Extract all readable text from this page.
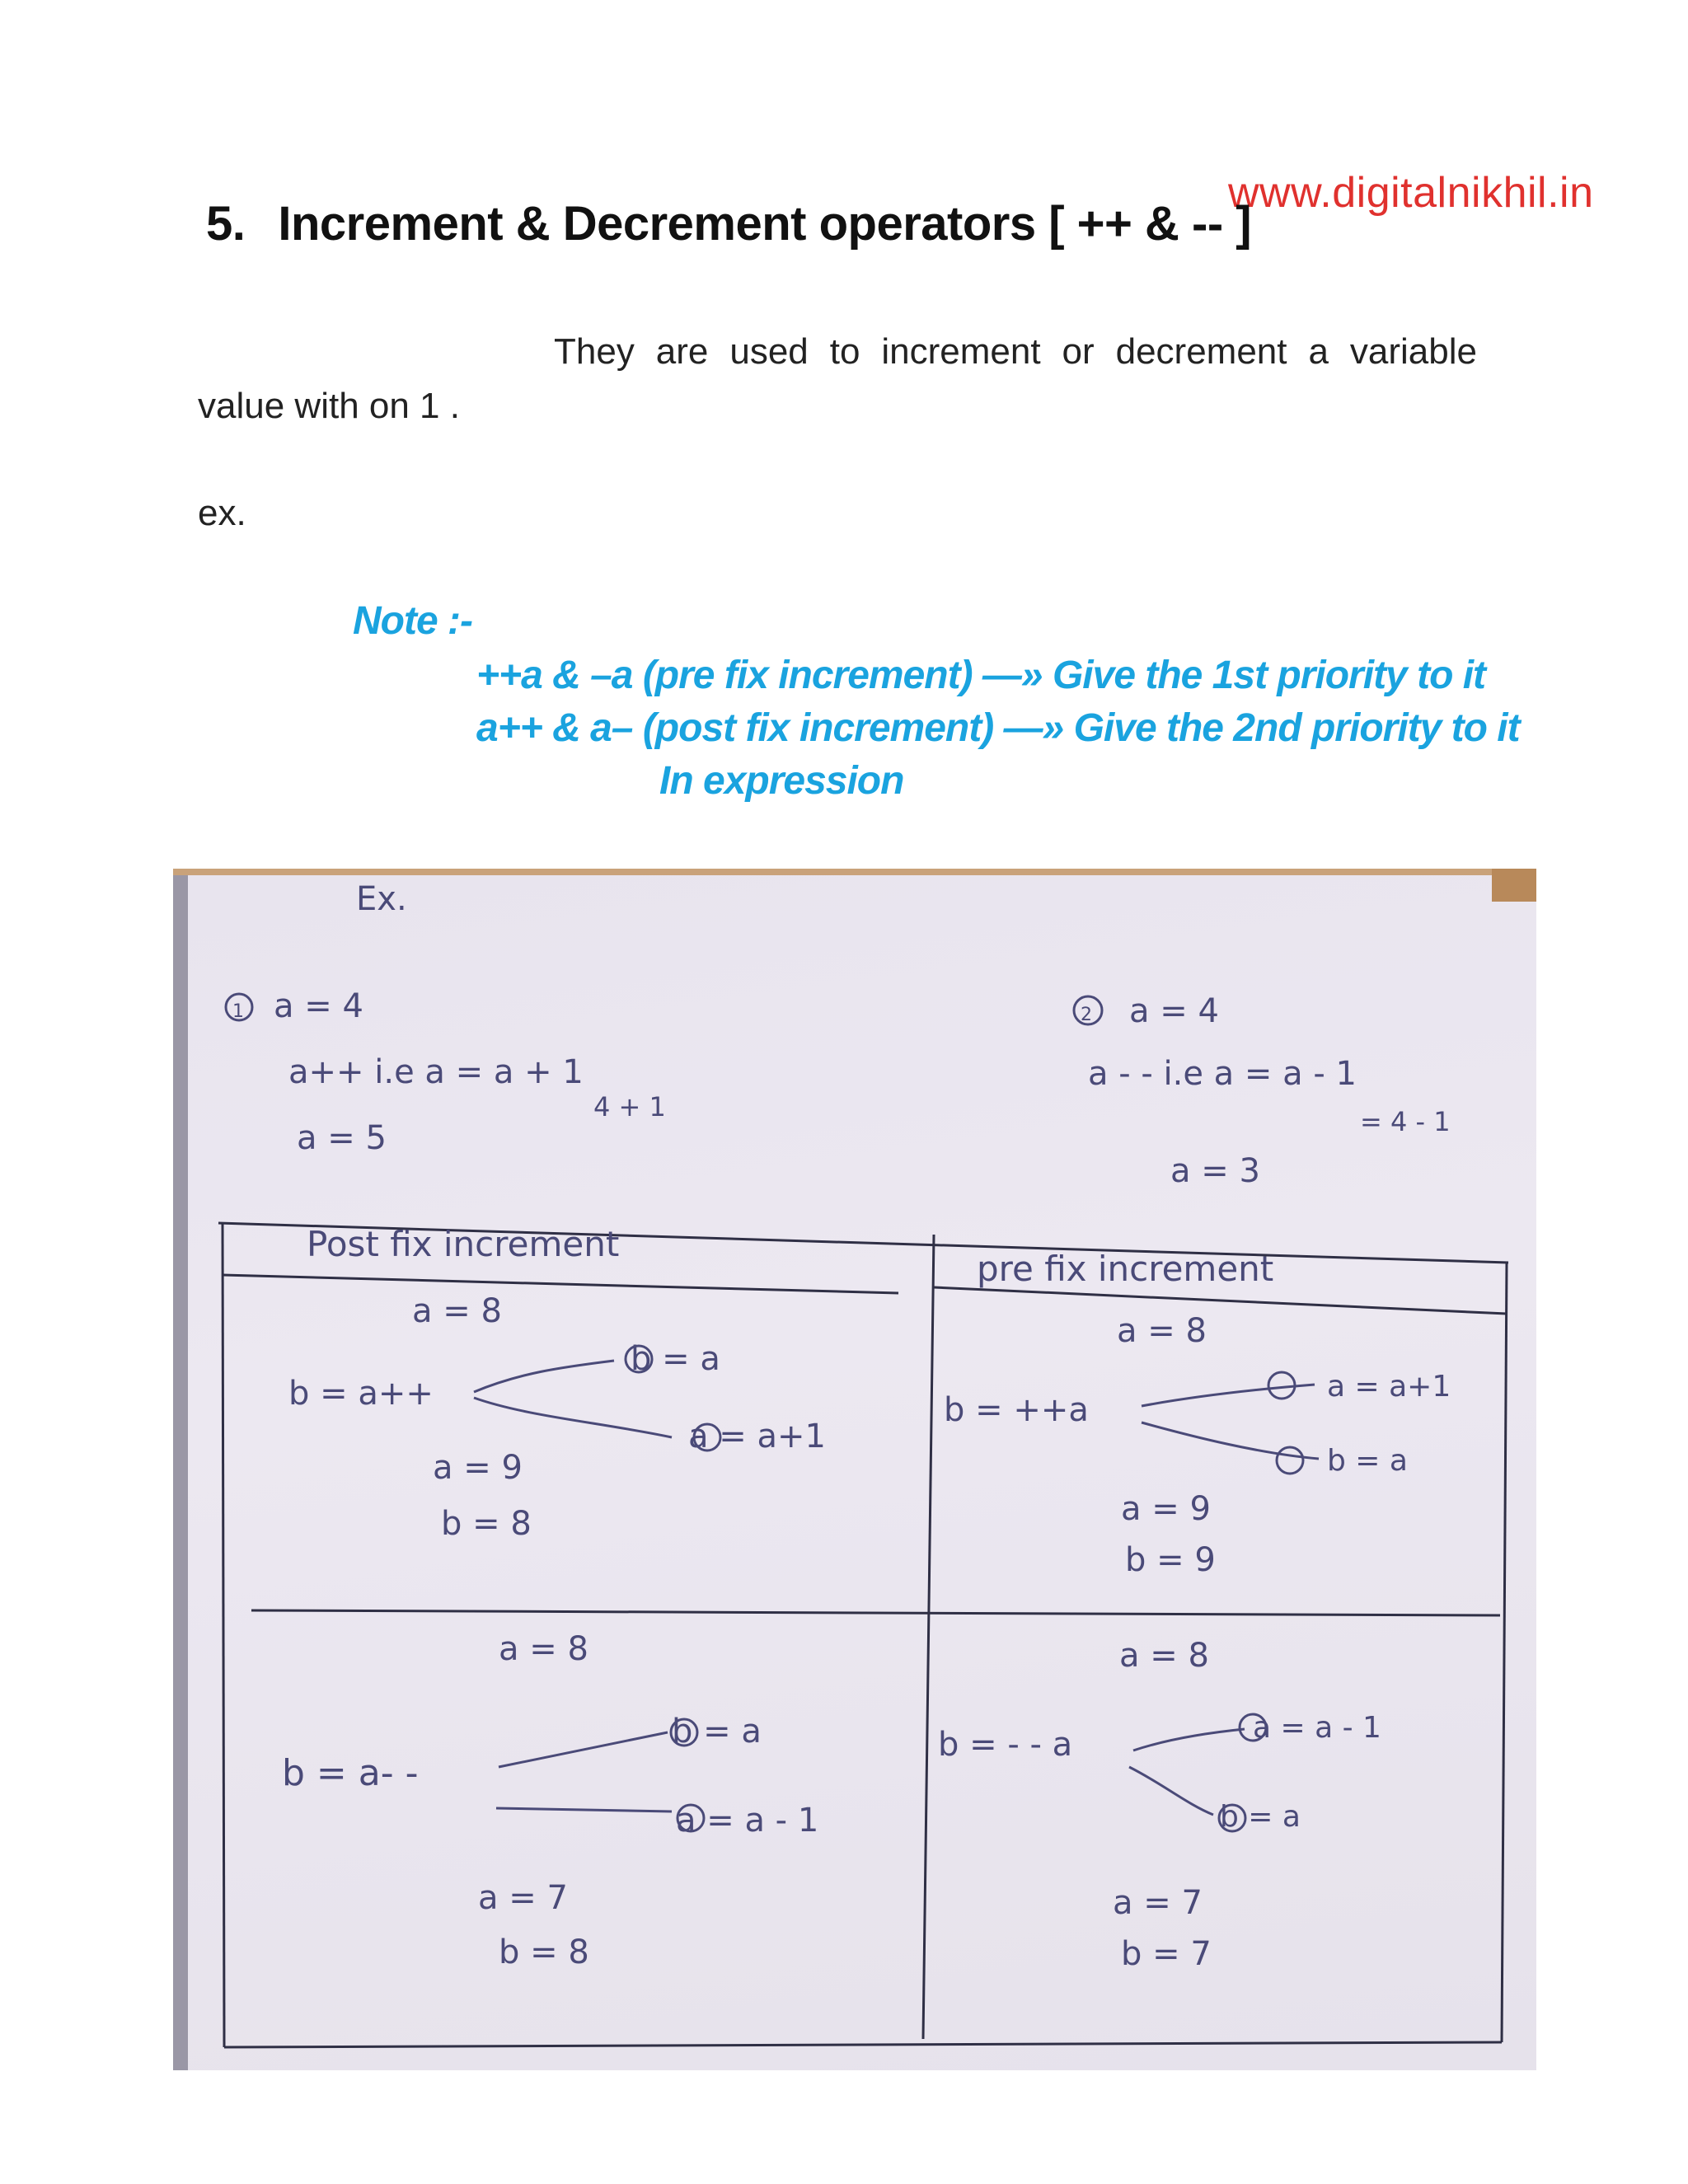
www.digitalnikhil.in
5. Increment & Decrement operators [ ++ & -- ]
They are used to increment or decrement a variable
value with on 1 .
ex.
Note :-
++a & –a (pre fix increment) —» Give the 1st priority to it
a++ & a– (post fix increment) —» Give the 2nd priority to it
In expression
Ex.
1 a = 4
a++ i.e a = a + 1
4 + 1
a = 5
2 a = 4
a - - i.e a = a - 1
= 4 - 1
a = 3
Post fix increment
pre fix increment
a = 8
b = a++
b = a
a = a+1
a = 9
b = 8
a = 8
b = ++a
a = a+1
b = a
a = 9
b = 9
a = 8
b = a- -
b = a
a = a - 1
a = 7
b = 8
a = 8
b = - - a	a = a - 1
b = a
a = 7
b = 7
